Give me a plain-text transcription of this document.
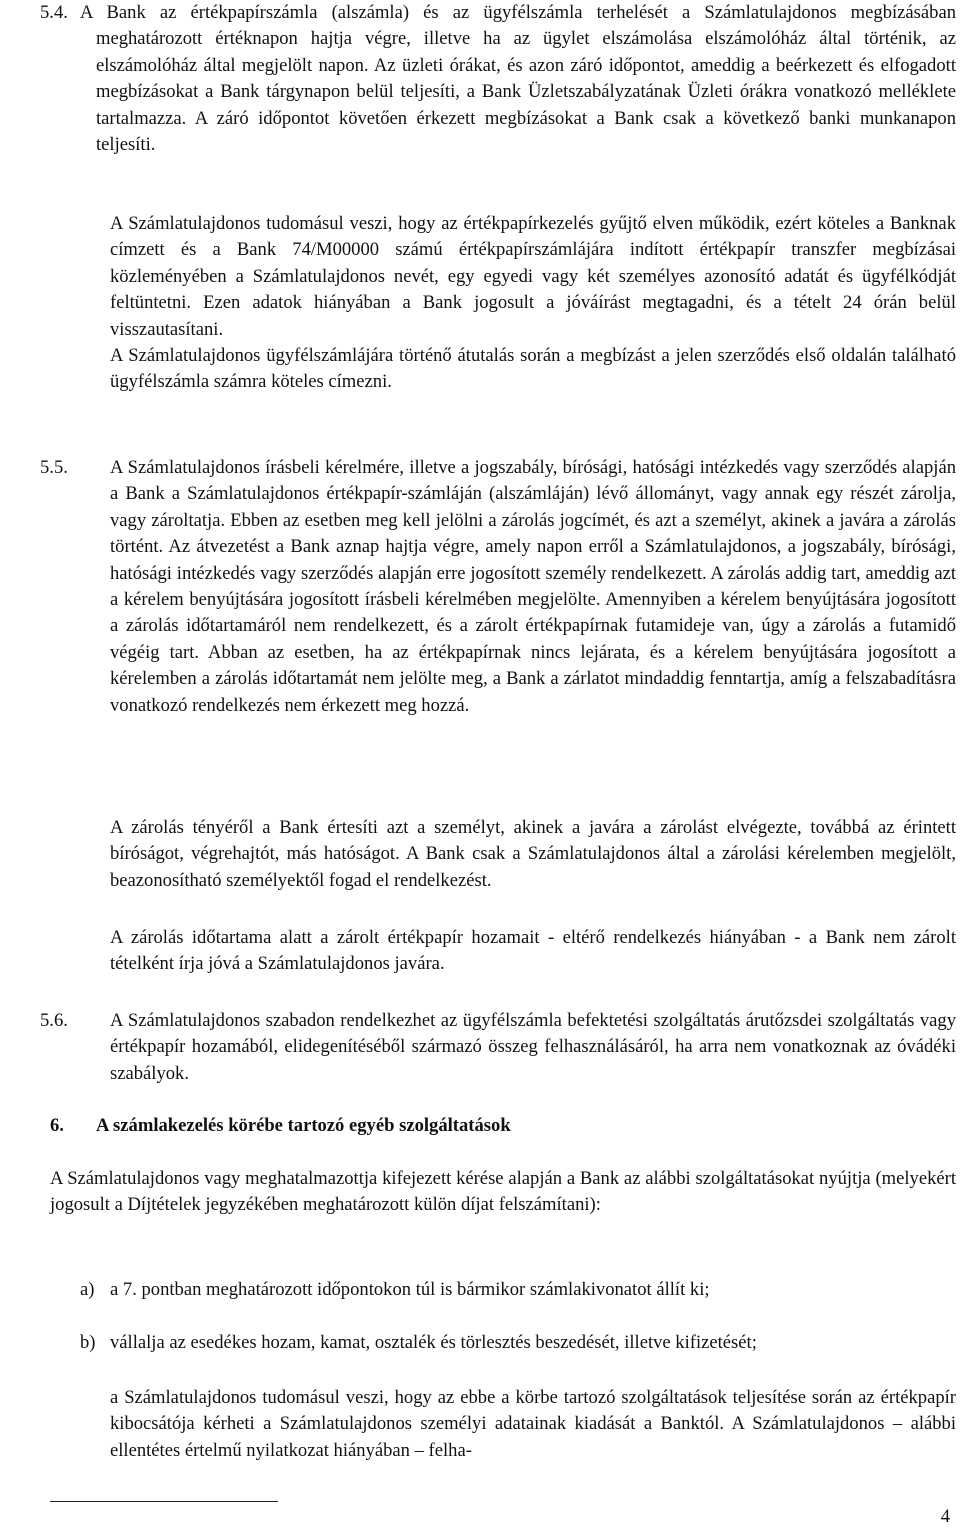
5.4. A Bank az értékpapírszámla (alszámla) és az ügyfélszámla terhelését a Számlatulajdonos megbízásában meghatározott értéknapon hajtja végre, illetve ha az ügylet elszámolása elszámolóház által történik, az elszámolóház által megjelölt napon. Az üzleti órákat, és azon záró időpontot, ameddig a beérkezett és elfogadott megbízásokat a Bank tárgynapon belül teljesíti, a Bank Üzletszabályzatának Üzleti órákra vonatkozó melléklete tartalmazza. A záró időpontot követően érkezett megbízásokat a Bank csak a következő banki munkanapon teljesíti.
A Számlatulajdonos tudomásul veszi, hogy az értékpapírkezelés gyűjtő elven működik, ezért köteles a Banknak címzett és a Bank 74/M00000 számú értékpapírszámlájára indított értékpapír transzfer megbízásai közleményében a Számlatulajdonos nevét, egy egyedi vagy két személyes azonosító adatát és ügyfélkódját feltüntetni. Ezen adatok hiányában a Bank jogosult a jóváírást megtagadni, és a tételt 24 órán belül visszautasítani.
A Számlatulajdonos ügyfélszámlájára történő átutalás során a megbízást a jelen szerződés első oldalán található ügyfélszámla számra köteles címezni.
5.5. A Számlatulajdonos írásbeli kérelmére, illetve a jogszabály, bírósági, hatósági intézkedés vagy szerződés alapján a Bank a Számlatulajdonos értékpapír-számláján (alszámláján) lévő állományt, vagy annak egy részét zárolja, vagy zároltatja. Ebben az esetben meg kell jelölni a zárolás jogcímét, és azt a személyt, akinek a javára a zárolás történt. Az átvezetést a Bank aznap hajtja végre, amely napon erről a Számlatulajdonos, a jogszabály, bírósági, hatósági intézkedés vagy szerződés alapján erre jogosított személy rendelkezett. A zárolás addig tart, ameddig azt a kérelem benyújtására jogosított írásbeli kérelmében megjelölte. Amennyiben a kérelem benyújtására jogosított a zárolás időtartamáról nem rendelkezett, és a zárolt értékpapírnak futamideje van, úgy a zárolás a futamidő végéig tart. Abban az esetben, ha az értékpapírnak nincs lejárata, és a kérelem benyújtására jogosított a kérelemben a zárolás időtartamát nem jelölte meg, a Bank a zárlatot mindaddig fenntartja, amíg a felszabadításra vonatkozó rendelkezés nem érkezett meg hozzá.
A zárolás tényéről a Bank értesíti azt a személyt, akinek a javára a zárolást elvégezte, továbbá az érintett bíróságot, végrehajtót, más hatóságot. A Bank csak a Számlatulajdonos által a zárolási kérelemben megjelölt, beazonosítható személyektől fogad el rendelkezést.
A zárolás időtartama alatt a zárolt értékpapír hozamait - eltérő rendelkezés hiányában - a Bank nem zárolt tételként írja jóvá a Számlatulajdonos javára.
5.6. A Számlatulajdonos szabadon rendelkezhet az ügyfélszámla befektetési szolgáltatás árutőzsdei szolgáltatás vagy értékpapír hozamából, elidegenítéséből származó összeg felhasználásáról, ha arra nem vonatkoznak az óvádéki szabályok.
6. A számlakezelés körébe tartozó egyéb szolgáltatások
A Számlatulajdonos vagy meghatalmazottja kifejezett kérése alapján a Bank az alábbi szolgáltatásokat nyújtja (melyekért jogosult a Díjtételek jegyzékében meghatározott külön díjat felszámítani):
a) a 7. pontban meghatározott időpontokon túl is bármikor számlakivonatot állít ki;
b) vállalja az esedékes hozam, kamat, osztalék és törlesztés beszedését, illetve kifizetését;
a Számlatulajdonos tudomásul veszi, hogy az ebbe a körbe tartozó szolgáltatások teljesítése során az értékpapír kibocsátója kérheti a Számlatulajdonos személyi adatainak kiadását a Banktól. A Számlatulajdonos – alábbi ellentétes értelmű nyilatkozat hiányában – felha-
4
